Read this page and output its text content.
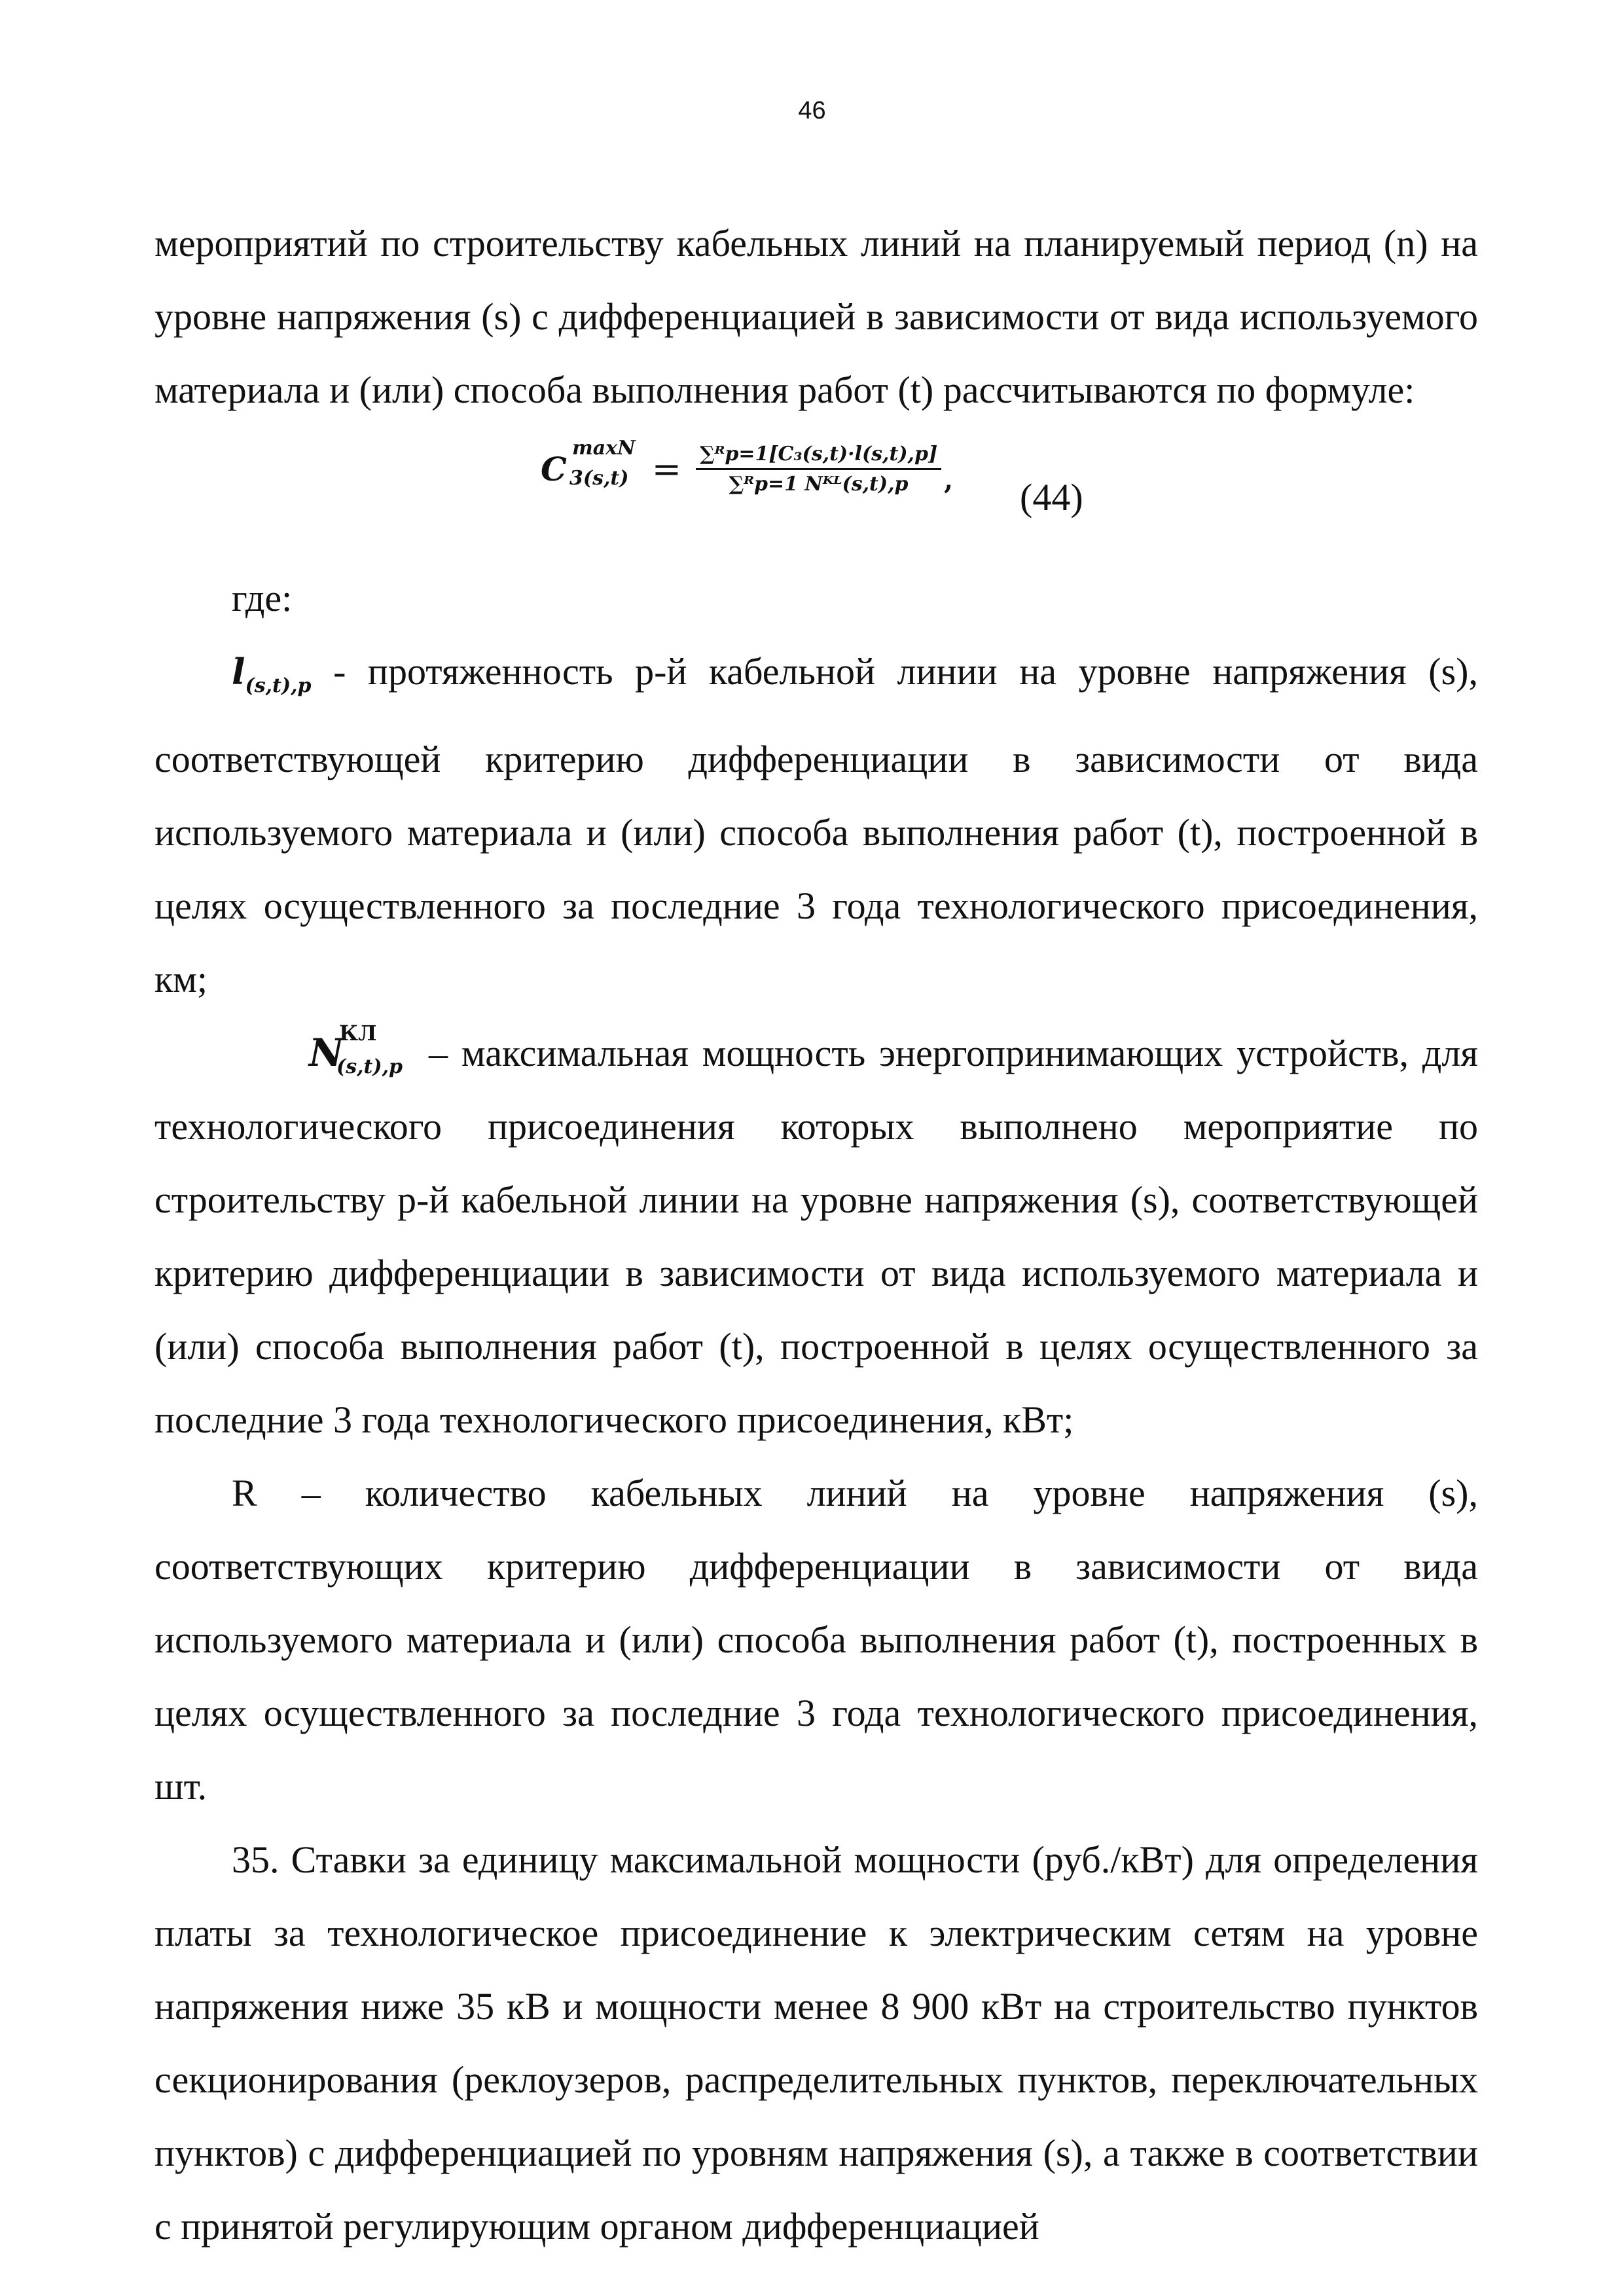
46

мероприятий по строительству кабельных линий на планируемый период (n) на уровне напряжения (s) с дифференциацией в зависимости от вида используемого материала и (или) способа выполнения работ (t) рассчитываются по формуле:

C
maxN
$3(s,t) = \frac{\text{∑ᴿp=1[C₃(s,t)·l(s,t),p]}}{\text{∑ᴿp=1 Nᴷᴸ(s,t),p}}$ , (44)

где:

$l_{(s,t),p}$ - протяженность p-й кабельной линии на уровне напряжения (s), соответствующей критерию дифференциации в зависимости от вида используемого материала и (или) способа выполнения работ (t), построенной в целях осуществленного за последние 3 года технологического присоединения, км;

N
КЛ
(s,t),p – максимальная мощность энергопринимающих устройств, для технологического присоединения которых выполнено мероприятие по строительству p-й кабельной линии на уровне напряжения (s), соответствующей критерию дифференциации в зависимости от вида используемого материала и (или) способа выполнения работ (t), построенной в целях осуществленного за последние 3 года технологического присоединения, кВт;

R – количество кабельных линий на уровне напряжения (s), соответствующих критерию дифференциации в зависимости от вида используемого материала и (или) способа выполнения работ (t), построенных в целях осуществленного за последние 3 года технологического присоединения, шт.

35. Ставки за единицу максимальной мощности (руб./кВт) для определения платы за технологическое присоединение к электрическим сетям на уровне напряжения ниже 35 кВ и мощности менее 8 900 кВт на строительство пунктов секционирования (реклоузеров, распределительных пунктов, переключательных пунктов) с дифференциацией по уровням напряжения (s), а также в соответствии с принятой регулирующим органом дифференциацией
